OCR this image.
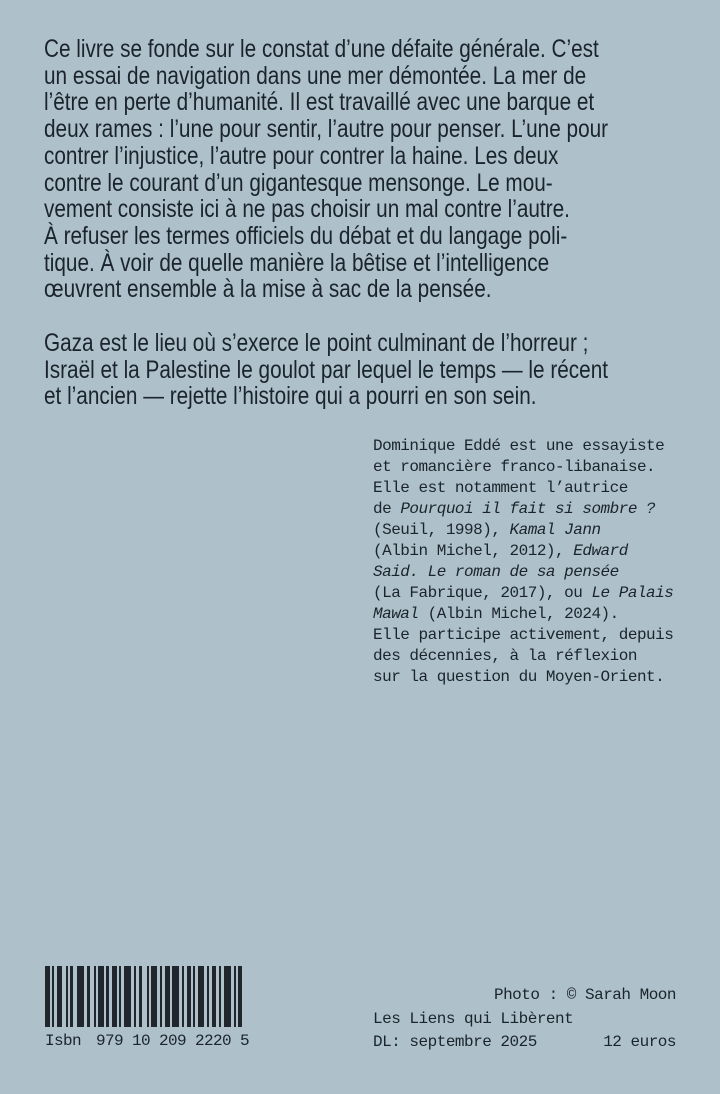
Ce livre se fonde sur le constat d’une défaite générale. C’est
un essai de navigation dans une mer démontée. La mer de
l’être en perte d’humanité. Il est travaillé avec une barque et
deux rames : l’une pour sentir, l’autre pour penser. L’une pour
contrer l’injustice, l’autre pour contrer la haine. Les deux
contre le courant d’un gigantesque mensonge. Le mou-
vement consiste ici à ne pas choisir un mal contre l’autre.
À refuser les termes officiels du débat et du langage poli-
tique. À voir de quelle manière la bêtise et l’intelligence
œuvrent ensemble à la mise à sac de la pensée.
Gaza est le lieu où s’exerce le point culminant de l’horreur ;
Israël et la Palestine le goulot par lequel le temps — le récent
et l’ancien — rejette l’histoire qui a pourri en son sein.
Dominique Eddé est une essayiste
et romancière franco-libanaise.
Elle est notamment l’autrice
de Pourquoi il fait si sombre ?
(Seuil, 1998), Kamal Jann
(Albin Michel, 2012), Edward
Said. Le roman de sa pensée
(La Fabrique, 2017), ou Le Palais
Mawal (Albin Michel, 2024).
Elle participe activement, depuis
des décennies, à la réflexion
sur la question du Moyen-Orient.
Isbn 979 10 209 2220 5
Photo : © Sarah Moon
Les Liens qui Libèrent
DL: septembre 2025	12 euros
